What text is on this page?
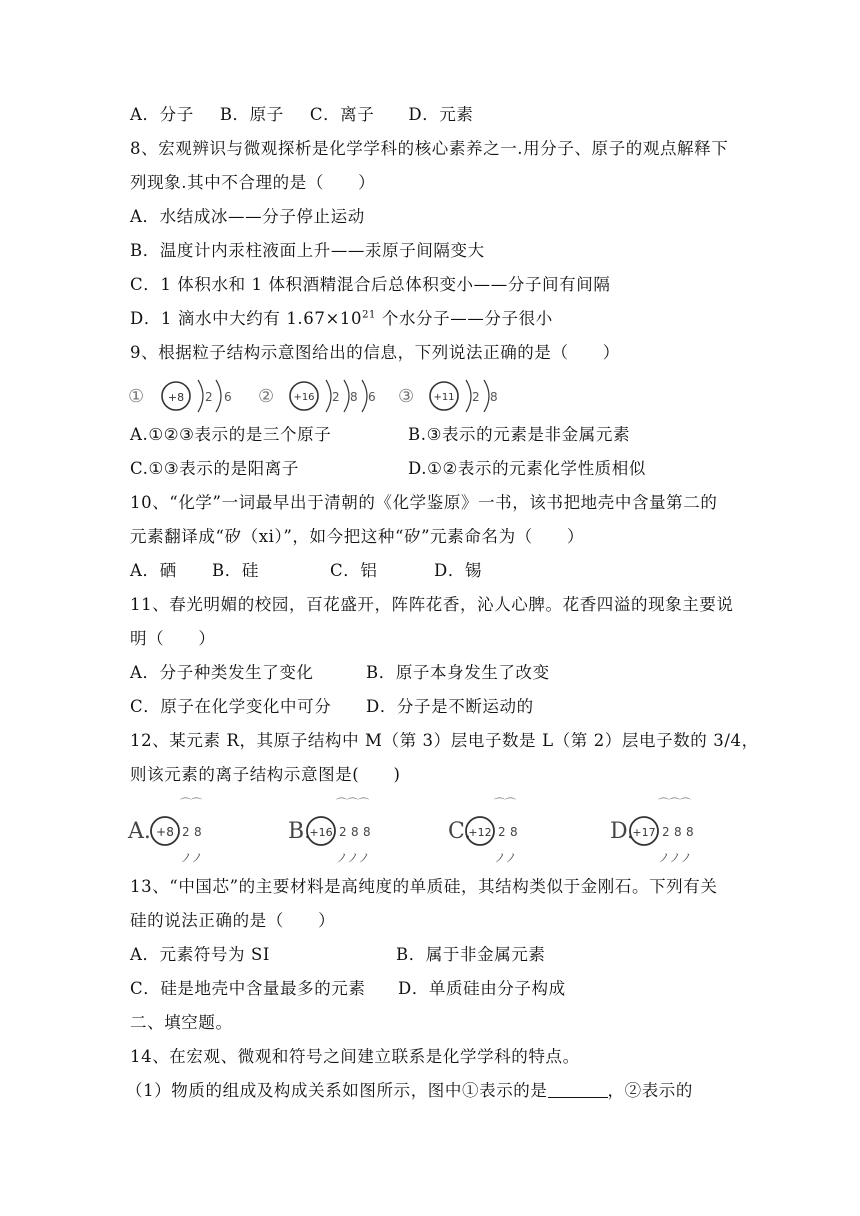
A．分子 B．原子 C．离子 D．元素
8、宏观辨识与微观探析是化学学科的核心素养之一.用分子、原子的观点解释下
列现象.其中不合理的是（　　）
A．水结成冰——分子停止运动
B．温度计内汞柱液面上升——汞原子间隔变大
C．1 体积水和 1 体积酒精混合后总体积变小——分子间有间隔
D．1 滴水中大约有 $1.67\times 10^{21}$ 个水分子——分子很小
9、根据粒子结构示意图给出的信息，下列说法正确的是（　　）
① +8 2 6 ② +16 2 8 6 ③ +11 2 8
A.①②③表示的是三个原子	B.③表示的元素是非金属元素
C.①③表示的是阳离子	D.①②表示的元素化学性质相似
10、“化学”一词最早出于清朝的《化学鉴原》一书，该书把地壳中含量第二的
元素翻译成“矽（xi）”，如今把这种“矽”元素命名为（　　）
A．硒 B．硅	C．铝	D．锡
11、春光明媚的校园，百花盛开，阵阵花香，沁人心脾。花香四溢的现象主要说
明（　　）
A．分子种类发生了变化	B．原子本身发生了改变
C．原子在化学变化中可分 D．分子是不断运动的
12、某元素 R，其原子结构中 M（第 3）层电子数是 L（第 2）层电子数的 3/4，
则该元素的离子结构示意图是(　　)
A. +8
⌒⌒
2 8
ノノ
B.
+16
⌒⌒⌒
2 8 8
ノノノ
C.
+12
⌒⌒
2 8
ノノ
D.
+17
⌒⌒⌒
2 8 8
ノノノ
13、“中国芯”的主要材料是高纯度的单质硅，其结构类似于金刚石。下列有关
硅的说法正确的是（　　）
A．元素符号为 SI	B．属于非金属元素
C．硅是地壳中含量最多的元素 D．单质硅由分子构成
二、填空题。
14、在宏观、微观和符号之间建立联系是化学学科的特点。
（1）物质的组成及构成关系如图所示，图中①表示的是	，②表示的
